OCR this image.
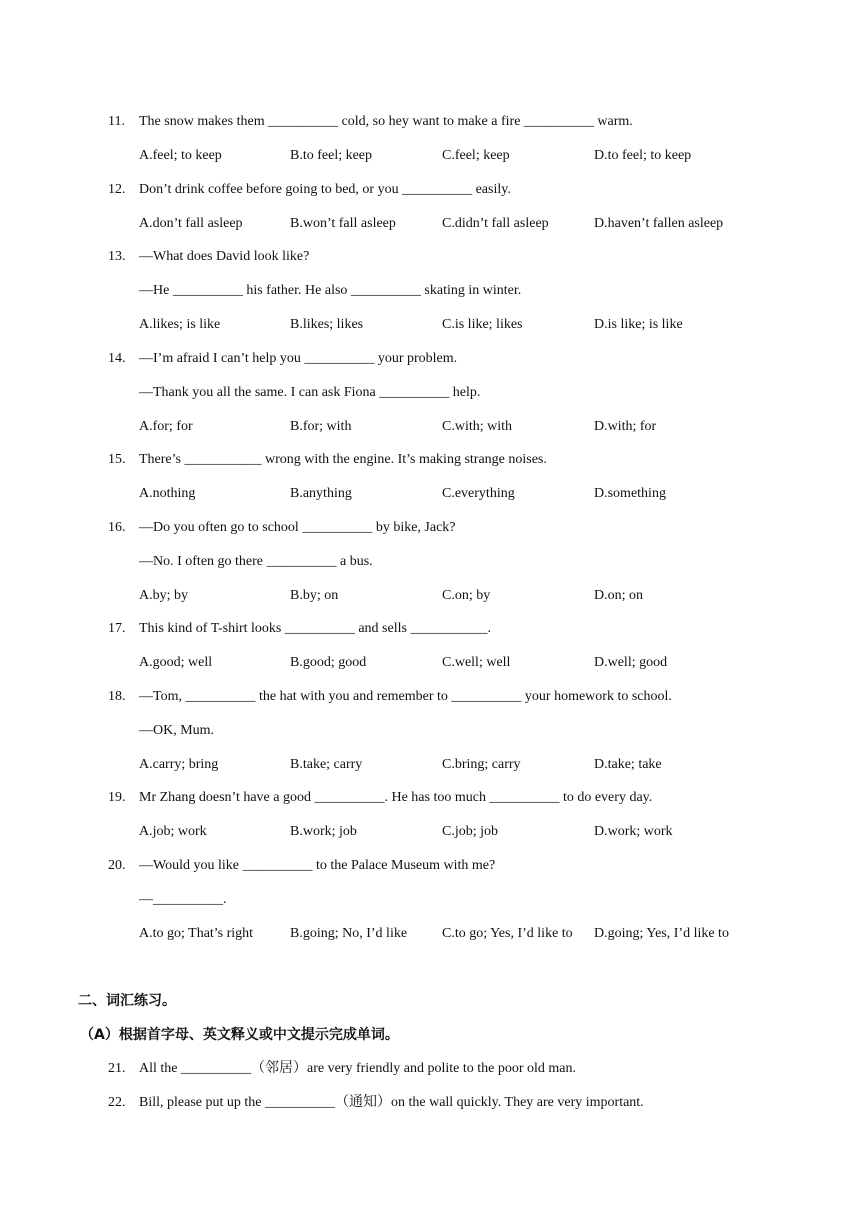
11. The snow makes them __________ cold, so hey want to make a fire __________ warm.
A.feel; to keep	B.to feel; keep	C.feel; keep	D.to feel; to keep
12. Don’t drink coffee before going to bed, or you __________ easily.
A.don’t fall asleep	B.won’t fall asleep	C.didn’t fall asleep	D.haven’t fallen asleep
13. —What does David look like?
—He __________ his father. He also __________ skating in winter.
A.likes; is like	B.likes; likes	C.is like; likes	D.is like; is like
14. —I’m afraid I can’t help you __________ your problem.
—Thank you all the same. I can ask Fiona __________ help.
A.for; for	B.for; with	C.with; with	D.with; for
15. There’s ___________ wrong with the engine. It’s making strange noises.
A.nothing	B.anything	C.everything	D.something
16. —Do you often go to school __________ by bike, Jack?
—No. I often go there __________ a bus.
A.by; by	B.by; on	C.on; by	D.on; on
17. This kind of T-shirt looks __________ and sells ___________.
A.good; well	B.good; good	C.well; well	D.well; good
18. —Tom, __________ the hat with you and remember to __________ your homework to school.
—OK, Mum.
A.carry; bring	B.take; carry	C.bring; carry	D.take; take
19. Mr Zhang doesn’t have a good __________. He has too much __________ to do every day.
A.job; work	B.work; job	C.job; job	D.work; work
20. —Would you like __________ to the Palace Museum with me?
—__________.
A.to go; That’s right	B.going; No, I’d like C.to go; Yes, I’d like to D.going; Yes, I’d like to
二、词汇练习。
（A）根据首字母、英文释义或中文提示完成单词。
21. All the __________（邻居）are very friendly and polite to the poor old man.
22. Bill, please put up the __________（通知）on the wall quickly. They are very important.
